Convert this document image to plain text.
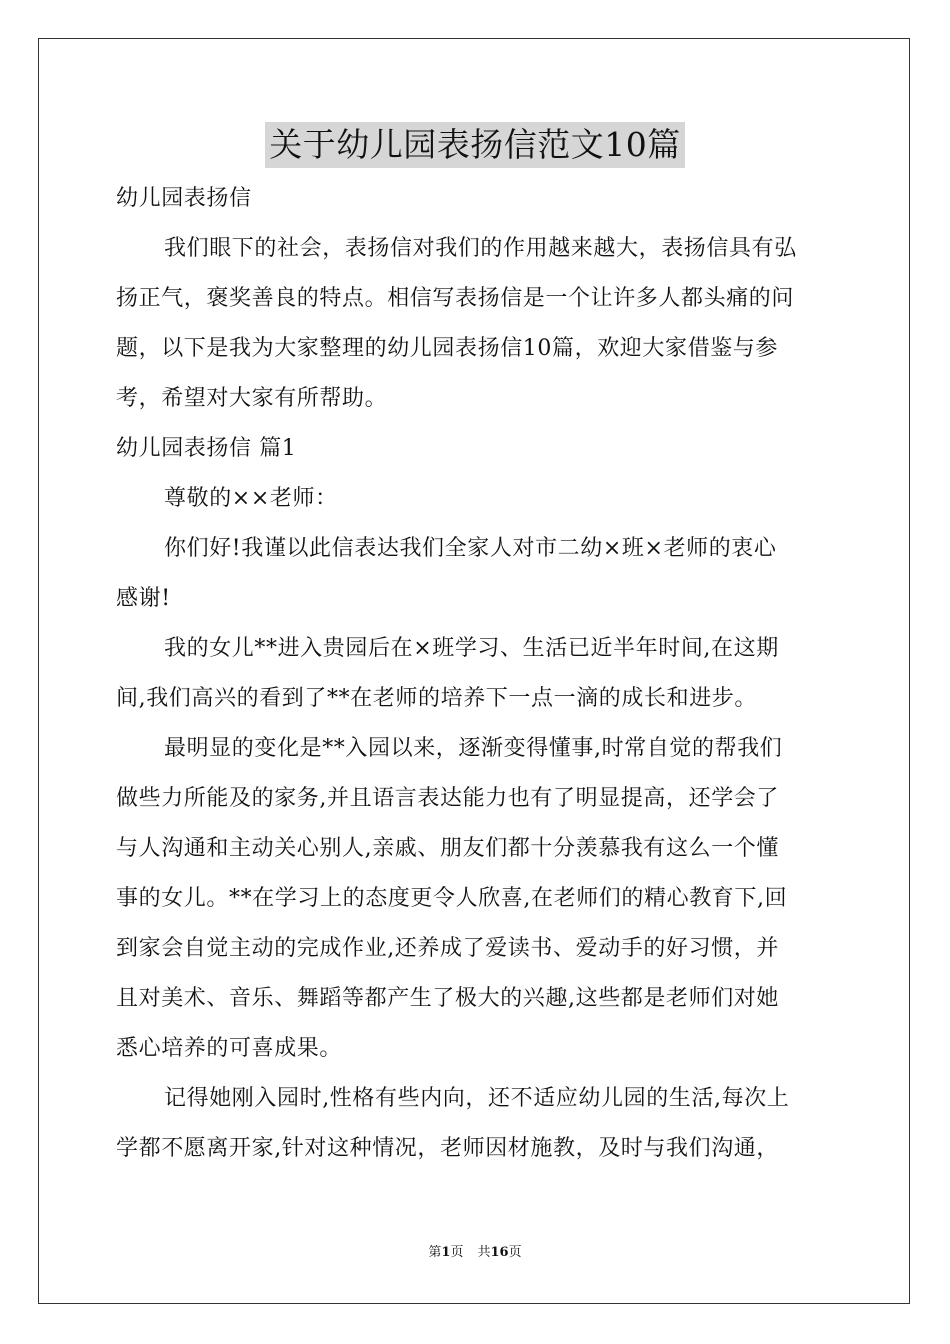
关于幼儿园表扬信范文10篇
幼儿园表扬信
我们眼下的社会，表扬信对我们的作用越来越大，表扬信具有弘
扬正气，褒奖善良的特点。相信写表扬信是一个让许多人都头痛的问
题，以下是我为大家整理的幼儿园表扬信10篇，欢迎大家借鉴与参
考，希望对大家有所帮助。
幼儿园表扬信 篇1
尊敬的××老师：
你们好!我谨以此信表达我们全家人对市二幼×班×老师的衷心
感谢!
我的女儿**进入贵园后在×班学习、生活已近半年时间,在这期
间,我们高兴的看到了**在老师的培养下一点一滴的成长和进步。
最明显的变化是**入园以来，逐渐变得懂事,时常自觉的帮我们
做些力所能及的家务,并且语言表达能力也有了明显提高，还学会了
与人沟通和主动关心别人,亲戚、朋友们都十分羡慕我有这么一个懂
事的女儿。**在学习上的态度更令人欣喜,在老师们的精心教育下,回
到家会自觉主动的完成作业,还养成了爱读书、爱动手的好习惯，并
且对美术、音乐、舞蹈等都产生了极大的兴趣,这些都是老师们对她
悉心培养的可喜成果。
记得她刚入园时,性格有些内向，还不适应幼儿园的生活,每次上
学都不愿离开家,针对这种情况，老师因材施教，及时与我们沟通，
第1页 共16页
